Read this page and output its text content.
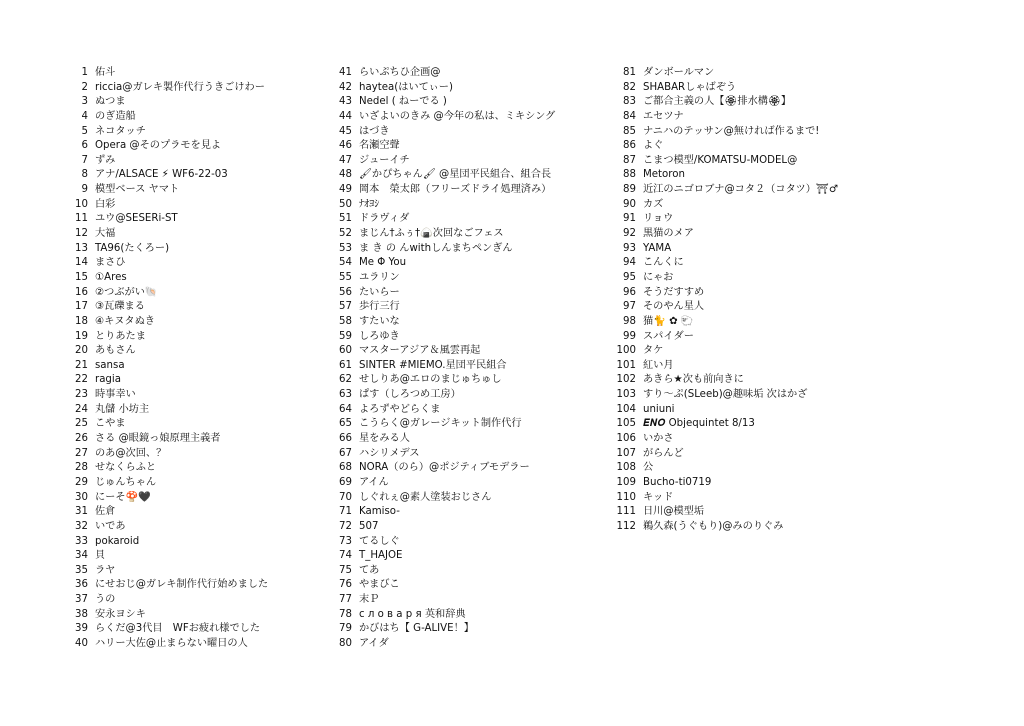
1 佑斗
2 riccia@ガレキ製作代行うきごけわー
3 ぬつま
4 のぎ造船
5 ネコタッチ
6 Opera @そのプラモを見よ
7 ずみ
8 アナ/ALSACE ⚡ WF6-22-03
9 模型ベース ヤマト
10 白彩
11 ユウ@SESERi-ST
12 大福
13 TA96(たくろー)
14 まさひ
15 ①Ares
16 ②つぶがい🐚
17 ③瓦礫まる
18 ④キヌタぬき
19 とりあたま
20 あもさん
21 sansa
22 ragia
23 時事幸い
24 丸儲 小坊主
25 こやま
26 さる @眼鏡っ娘原理主義者
27 のあ@次回、？
28 せなくらふと
29 じゅんちゃん
30 にーそ🍄🖤
31 佐倉
32 いであ
33 pokaroid
34 貝
35 ラヤ
36 にせおじ@ガレキ制作代行始めました
37 うの
38 安永ヨシキ
39 らくだ@3代目　WFお疲れ様でした
40 ハリー大佐@止まらない曜日の人
41 らいぷちひ企画@
42 haytea(はいてぃー)
43 Nedel ( ねーでる )
44 いざよいのきみ @今年の私は、ミキシング
45 はづき
46 名瀬空聲
47 ジューイチ
48 🖌かぴちゃん🖌 @星団平民組合、組合長
49 岡本　榮太郎（フリーズドライ処理済み）
50 ﾅｵﾖｼ
51 ドラヴィダ
52 まじん†ふぅ†🍙次回なごフェス
53 ま き の んwithしんまちペンぎん
54 Me Φ You
55 ユラリン
56 たいらー
57 歩行三行
58 すたいな
59 しろゆき
60 マスターアジア＆風雲再起
61 SINTER #MIEMO.星団平民組合
62 せしりあ@エロのまじゅちゅし
63 ぱす（しろつめ工房）
64 よろずやどらくま
65 こうらく@ガレージキット制作代行
66 星をみる人
67 ハシリメデス
68 NORA（のら）@ポジティブモデラー
69 アイん
70 しぐれぇ@素人塗装おじさん
71 Kamiso-
72 507
73 てるしぐ
74 T_HAJOE
75 てあ
76 やまびこ
77 末Ｐ
78 с л о в а р я 英和辞典
79 かびはち【 G-ALIVE！】
80 アイダ
81 ダンボールマン
82 SHABARしゃばぞう
83 ご都合主義の人【🏵排水構🏵】
84 エセツナ
85 ナニハのテッサン@無ければ作るまで!
86 よぐ
87 こまつ模型/KOMATSU-MODEL@
88 Metoron
89 近江のニゴロブナ@コタ２（コタツ）⛩♂
90 カズ
91 リョウ
92 黒猫のメア
93 YAMA
94 こんくに
95 にゃお
96 そうだすすめ
97 そのやん星人
98 猫🐈 ✿ 🐑
99 スパイダー
100 タケ
101 紅い月
102 あきら★次も前向きに
103 すり〜ぷ(SLeeb)@趣味垢 次はかざ
104 uniuni
105 𝑬𝑵𝑶 Objequintet 8/13
106 いかさ
107 がらんど
108 公
109 Bucho-ti0719
110 キッド
111 日川@模型垢
112 鵜久森(うぐもり)@みのりぐみ
